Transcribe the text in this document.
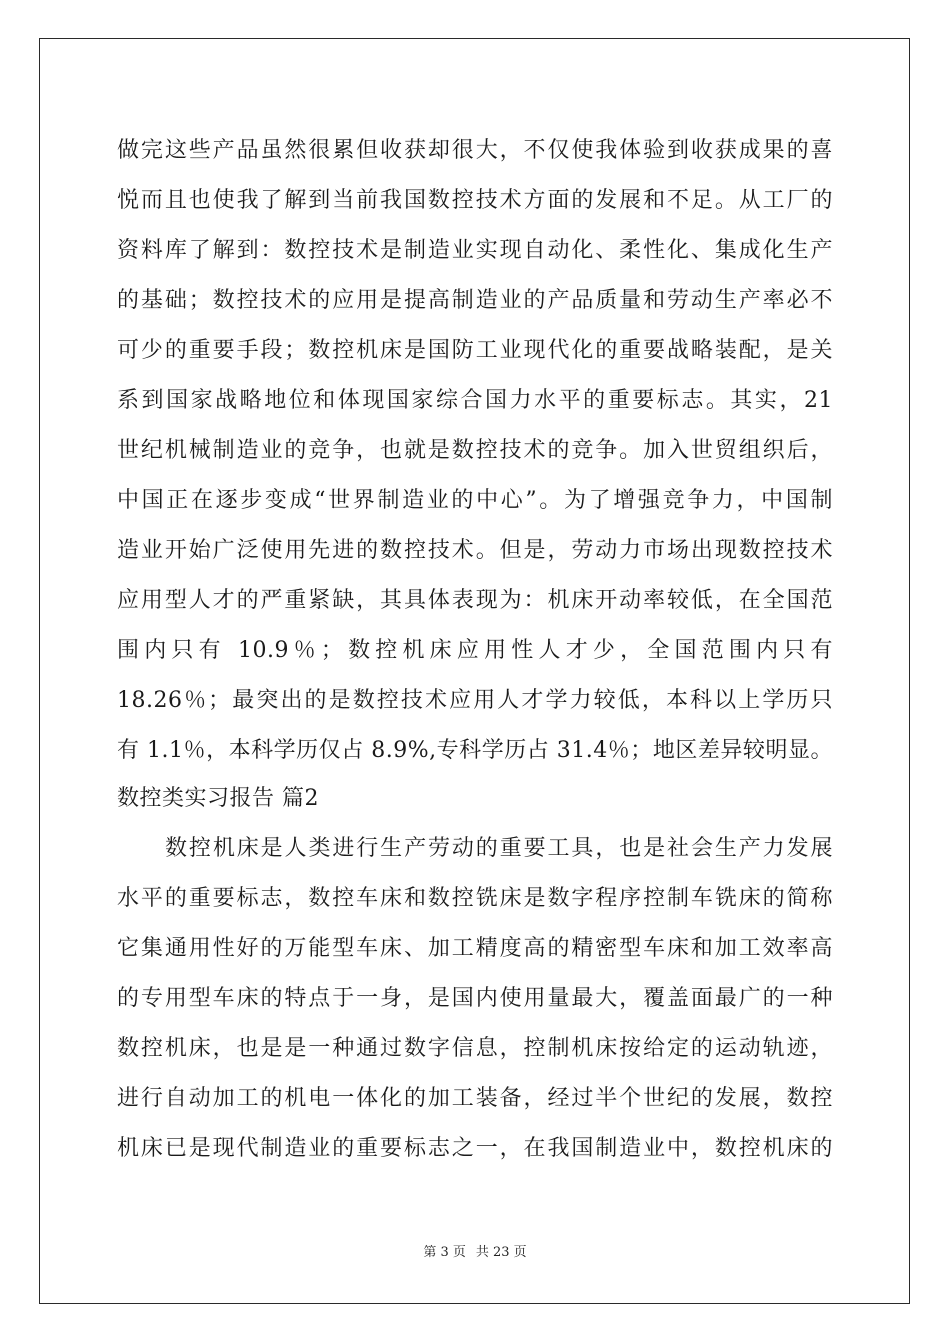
做完这些产品虽然很累但收获却很大，不仅使我体验到收获成果的喜
悦而且也使我了解到当前我国数控技术方面的发展和不足。从工厂的
资料库了解到：数控技术是制造业实现自动化、柔性化、集成化生产
的基础；数控技术的应用是提高制造业的产品质量和劳动生产率必不
可少的重要手段；数控机床是国防工业现代化的重要战略装配，是关
系到国家战略地位和体现国家综合国力水平的重要标志。其实，21
世纪机械制造业的竞争，也就是数控技术的竞争。加入世贸组织后，
中国正在逐步变成“世界制造业的中心”。为了增强竞争力，中国制
造业开始广泛使用先进的数控技术。但是，劳动力市场出现数控技术
应用型人才的严重紧缺，其具体表现为：机床开动率较低，在全国范
围内只有 10.9％；数控机床应用性人才少，全国范围内只有
18.26％；最突出的是数控技术应用人才学力较低，本科以上学历只
有 1.1％，本科学历仅占 8.9%,专科学历占 31.4％；地区差异较明显。
数控类实习报告 篇2
数控机床是人类进行生产劳动的重要工具，也是社会生产力发展
水平的重要标志，数控车床和数控铣床是数字程序控制车铣床的简称
它集通用性好的万能型车床、加工精度高的精密型车床和加工效率高
的专用型车床的特点于一身，是国内使用量最大，覆盖面最广的一种
数控机床，也是是一种通过数字信息，控制机床按给定的运动轨迹，
进行自动加工的机电一体化的加工装备，经过半个世纪的发展，数控
机床已是现代制造业的重要标志之一，在我国制造业中，数控机床的
第 3 页 共 23 页
